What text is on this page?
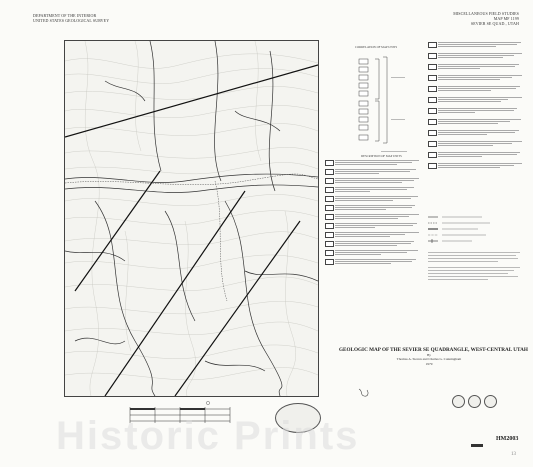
DEPARTMENT OF THE INTERIOR
UNITED STATES GEOLOGICAL SURVEY
MISCELLANEOUS FIELD STUDIES
MAP MF 1199
SEVIER SE QUAD., UTAH
CORRELATION OF MAP UNITS
DESCRIPTION OF MAP UNITS
GEOLOGIC MAP OF THE SEVIER SE QUADRANGLE, WEST-CENTRAL UTAH
By
Thomas A. Steven and Charles G. Cunningham
1979
Historic Prints	HM2003
13
